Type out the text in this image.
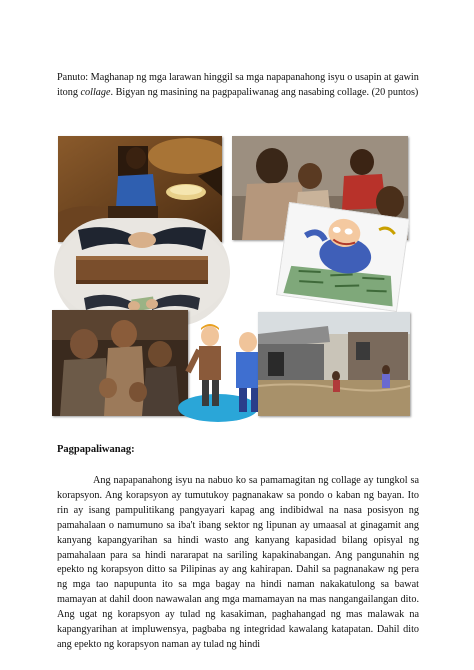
Panuto: Maghanap ng mga larawan hinggil sa mga napapanahong isyu o usapin at gawin itong collage. Bigyan ng masining na pagpapaliwanag ang nasabing collage. (20 puntos)
Pagpapaliwanag:
Ang napapanahong isyu na nabuo ko sa pamamagitan ng collage ay tungkol sa korapsyon. Ang korapsyon ay tumutukoy pagnanakaw sa pondo o kaban ng bayan. Ito rin ay isang pampulitikang pangyayari kapag ang indibidwal na nasa posisyon ng pamahalaan o namumuno sa iba't ibang sektor ng lipunan ay umaasal at ginagamit ang kanyang kapangyarihan sa hindi wasto ang kanyang kapasidad bilang opisyal ng pamahalaan para sa hindi nararapat na sariling kapakinabangan. Ang pangunahin ng epekto ng korapsyon ditto sa Pilipinas ay ang kahirapan. Dahil sa pagnanakaw ng pera ng mga tao napupunta ito sa mga bagay na hindi naman nakakatulong sa bawat mamayan at dahil doon nawawalan ang mga mamamayan na mas nangangailangan dito. Ang ugat ng korapsyon ay tulad ng kasakiman, paghahangad ng mas malawak na kapangyarihan at impluwensya, pagbaba ng integridad kawalang katapatan. Dahil dito ang epekto ng korapsyon naman ay tulad ng hindi
